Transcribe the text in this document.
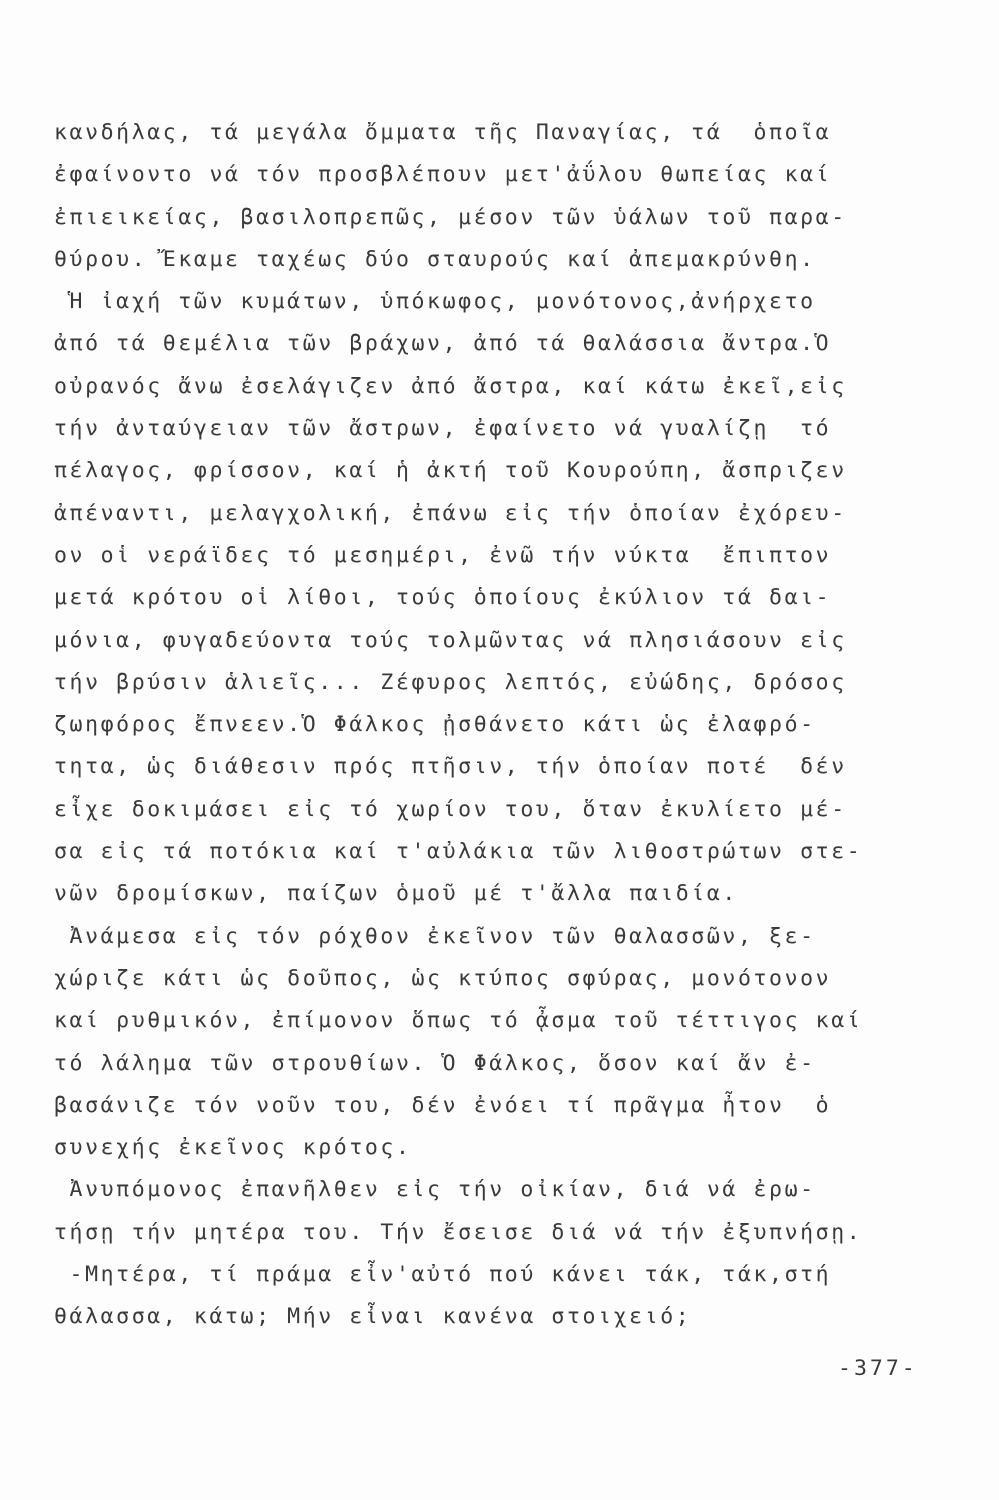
κανδήλας, τά μεγάλα ὄμματα τῆς Παναγίας, τά  ὁποῖα
ἐφαίνοντο νά τόν προσβλέπουν μετ'ἀΰλου θωπείας καί
ἐπιεικείας, βασιλοπρεπῶς, μέσον τῶν ὑάλων τοῦ παρα-
θύρου. Ἔκαμε ταχέως δύο σταυρούς καί ἀπεμακρύνθη.
Ἡ ἰαχή τῶν κυμάτων, ὑπόκωφος, μονότονος,ἀνήρχετο
ἀπό τά θεμέλια τῶν βράχων, ἀπό τά θαλάσσια ἄντρα.Ὁ
οὐρανός ἄνω ἐσελάγιζεν ἀπό ἄστρα, καί κάτω ἐκεῖ,εἰς
τήν ἀνταύγειαν τῶν ἄστρων, ἐφαίνετο νά γυαλίζῃ  τό
πέλαγος, φρίσσον, καί ἡ ἀκτή τοῦ Κουρούπη, ἄσπριζεν
ἀπέναντι, μελαγχολική, ἐπάνω εἰς τήν ὁποίαν ἐχόρευ-
ον οἱ νεράϊδες τό μεσημέρι, ἐνῶ τήν νύκτα  ἔπιπτον
μετά κρότου οἱ λίθοι, τούς ὁποίους ἐκύλιον τά δαι-
μόνια, φυγαδεύοντα τούς τολμῶντας νά πλησιάσουν εἰς
τήν βρύσιν ἁλιεῖς... Ζέφυρος λεπτός, εὐώδης, δρόσος
ζωηφόρος ἔπνεεν.Ὁ Φάλκος ᾐσθάνετο κάτι ὡς ἐλαφρό-
τητα, ὡς διάθεσιν πρός πτῆσιν, τήν ὁποίαν ποτέ  δέν
εἶχε δοκιμάσει εἰς τό χωρίον του, ὅταν ἐκυλίετο μέ-
σα εἰς τά ποτόκια καί τ'αὐλάκια τῶν λιθοστρώτων στε-
νῶν δρομίσκων, παίζων ὁμοῦ μέ τ'ἄλλα παιδία.
Ἀνάμεσα εἰς τόν ρόχθον ἐκεῖνον τῶν θαλασσῶν, ξε-
χώριζε κάτι ὡς δοῦπος, ὡς κτύπος σφύρας, μονότονον
καί ρυθμικόν, ἐπίμονον ὅπως τό ᾆσμα τοῦ τέττιγος καί
τό λάλημα τῶν στρουθίων. Ὁ Φάλκος, ὅσον καί ἄν ἐ-
βασάνιζε τόν νοῦν του, δέν ἐνόει τί πρᾶγμα ἦτον  ὁ
συνεχής ἐκεῖνος κρότος.
Ἀνυπόμονος ἐπανῆλθεν εἰς τήν οἰκίαν, διά νά ἐρω-
τήσῃ τήν μητέρα του. Τήν ἔσεισε διά νά τήν ἐξυπνήσῃ.
-Μητέρα, τί πράμα εἶν'αὐτό πού κάνει τάκ, τάκ,στή
θάλασσα, κάτω; Μήν εἶναι κανένα στοιχειό;
-377-
